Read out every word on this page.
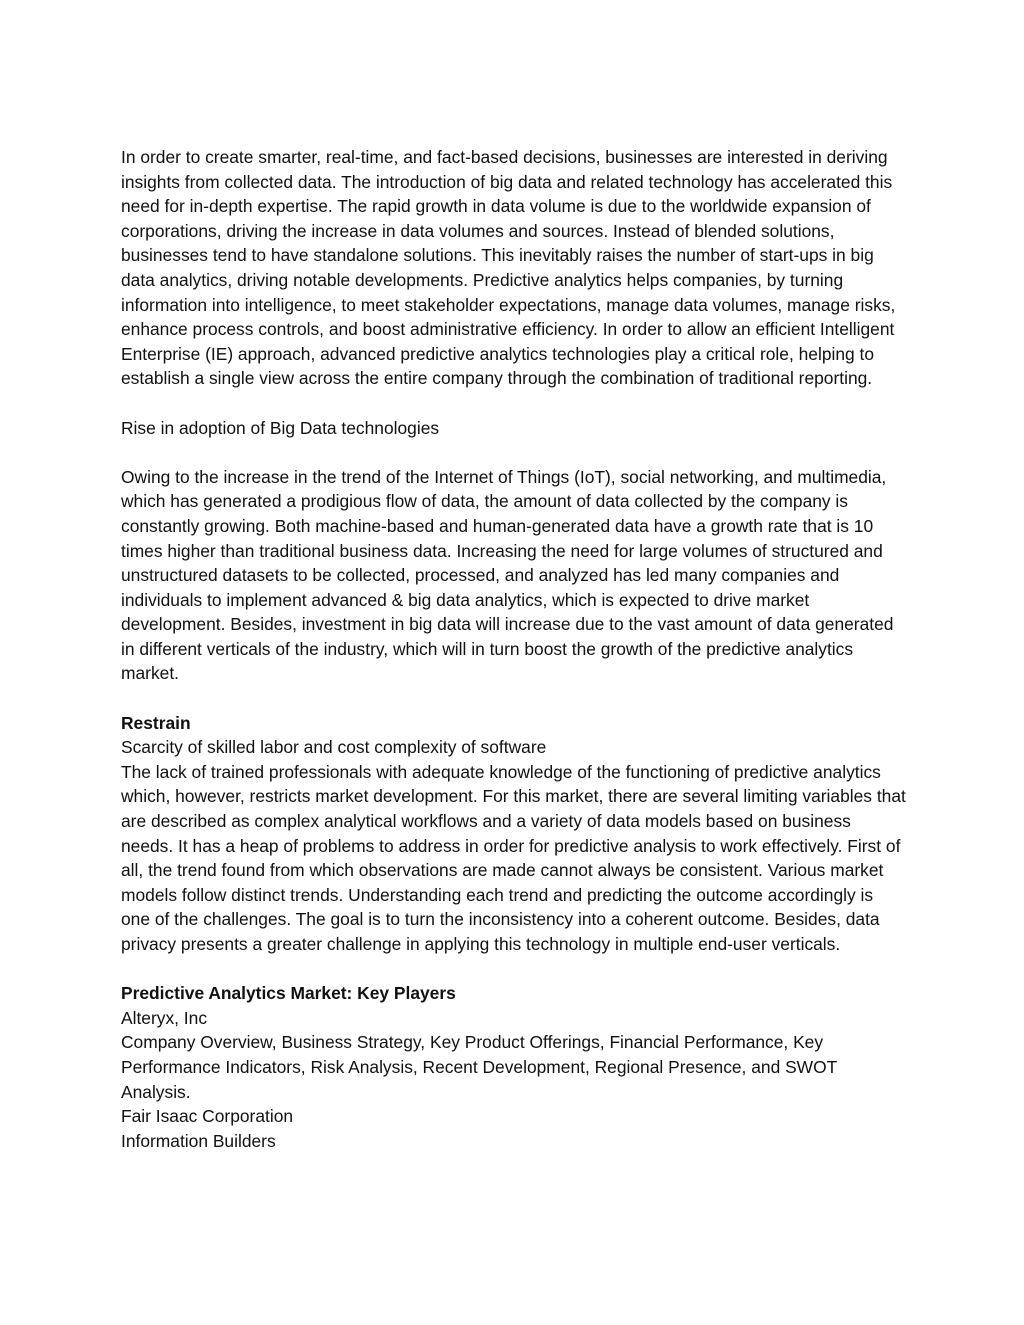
In order to create smarter, real-time, and fact-based decisions, businesses are interested in deriving insights from collected data. The introduction of big data and related technology has accelerated this need for in-depth expertise. The rapid growth in data volume is due to the worldwide expansion of corporations, driving the increase in data volumes and sources. Instead of blended solutions, businesses tend to have standalone solutions. This inevitably raises the number of start-ups in big data analytics, driving notable developments. Predictive analytics helps companies, by turning information into intelligence, to meet stakeholder expectations, manage data volumes, manage risks, enhance process controls, and boost administrative efficiency. In order to allow an efficient Intelligent Enterprise (IE) approach, advanced predictive analytics technologies play a critical role, helping to establish a single view across the entire company through the combination of traditional reporting.

Rise in adoption of Big Data technologies

Owing to the increase in the trend of the Internet of Things (IoT), social networking, and multimedia, which has generated a prodigious flow of data, the amount of data collected by the company is constantly growing. Both machine-based and human-generated data have a growth rate that is 10 times higher than traditional business data. Increasing the need for large volumes of structured and unstructured datasets to be collected, processed, and analyzed has led many companies and individuals to implement advanced & big data analytics, which is expected to drive market development. Besides, investment in big data will increase due to the vast amount of data generated in different verticals of the industry, which will in turn boost the growth of the predictive analytics market.

Restrain

Scarcity of skilled labor and cost complexity of software

The lack of trained professionals with adequate knowledge of the functioning of predictive analytics which, however, restricts market development. For this market, there are several limiting variables that are described as complex analytical workflows and a variety of data models based on business needs. It has a heap of problems to address in order for predictive analysis to work effectively. First of all, the trend found from which observations are made cannot always be consistent. Various market models follow distinct trends. Understanding each trend and predicting the outcome accordingly is one of the challenges. The goal is to turn the inconsistency into a coherent outcome. Besides, data privacy presents a greater challenge in applying this technology in multiple end-user verticals.

Predictive Analytics Market: Key Players

Alteryx, Inc

Company Overview, Business Strategy, Key Product Offerings, Financial Performance, Key Performance Indicators, Risk Analysis, Recent Development, Regional Presence, and SWOT Analysis.

Fair Isaac Corporation

Information Builders
